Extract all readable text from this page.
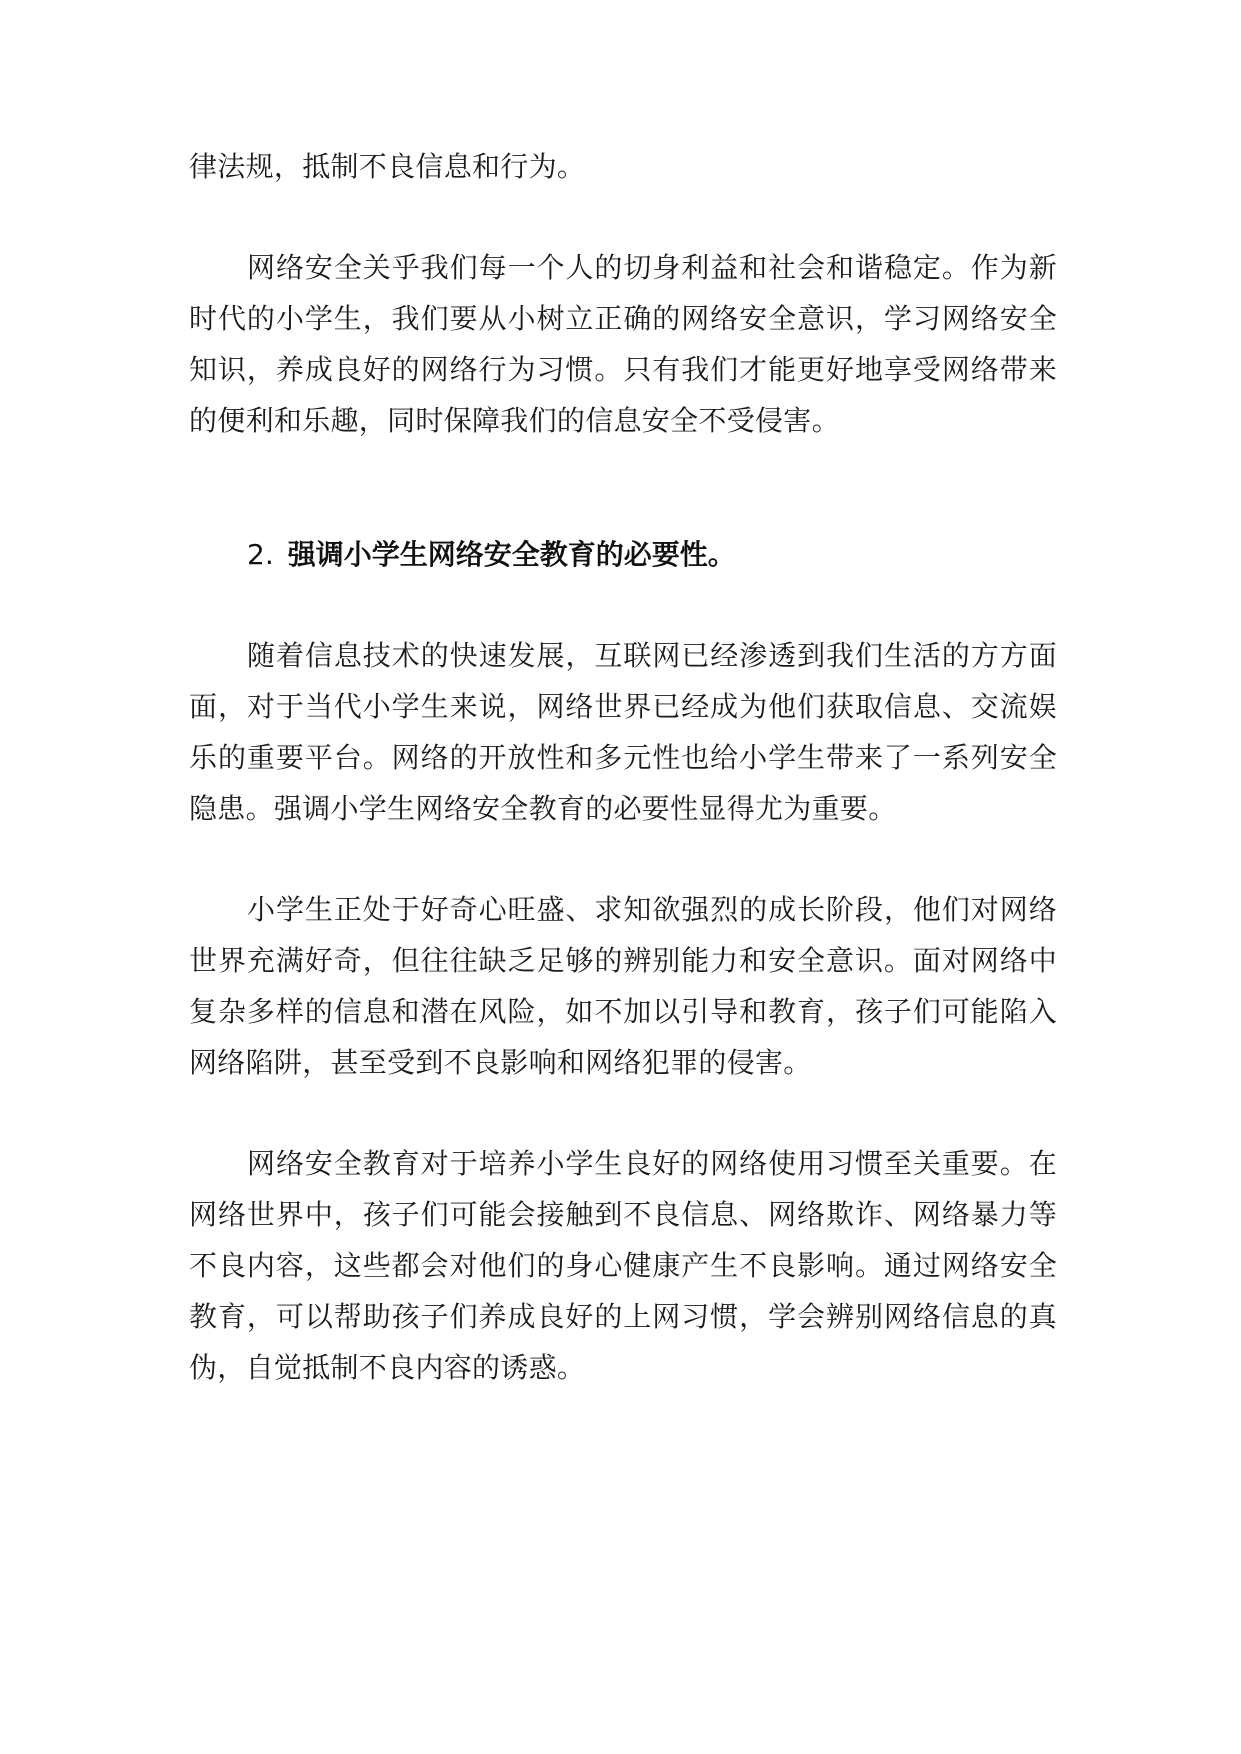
律法规，抵制不良信息和行为。

网络安全关乎我们每一个人的切身利益和社会和谐稳定。作为新时代的小学生，我们要从小树立正确的网络安全意识，学习网络安全知识，养成良好的网络行为习惯。只有我们才能更好地享受网络带来的便利和乐趣，同时保障我们的信息安全不受侵害。

2. 强调小学生网络安全教育的必要性。

随着信息技术的快速发展，互联网已经渗透到我们生活的方方面面，对于当代小学生来说，网络世界已经成为他们获取信息、交流娱乐的重要平台。网络的开放性和多元性也给小学生带来了一系列安全隐患。强调小学生网络安全教育的必要性显得尤为重要。

小学生正处于好奇心旺盛、求知欲强烈的成长阶段，他们对网络世界充满好奇，但往往缺乏足够的辨别能力和安全意识。面对网络中复杂多样的信息和潜在风险，如不加以引导和教育，孩子们可能陷入网络陷阱，甚至受到不良影响和网络犯罪的侵害。

网络安全教育对于培养小学生良好的网络使用习惯至关重要。在网络世界中，孩子们可能会接触到不良信息、网络欺诈、网络暴力等不良内容，这些都会对他们的身心健康产生不良影响。通过网络安全教育，可以帮助孩子们养成良好的上网习惯，学会辨别网络信息的真伪，自觉抵制不良内容的诱惑。
